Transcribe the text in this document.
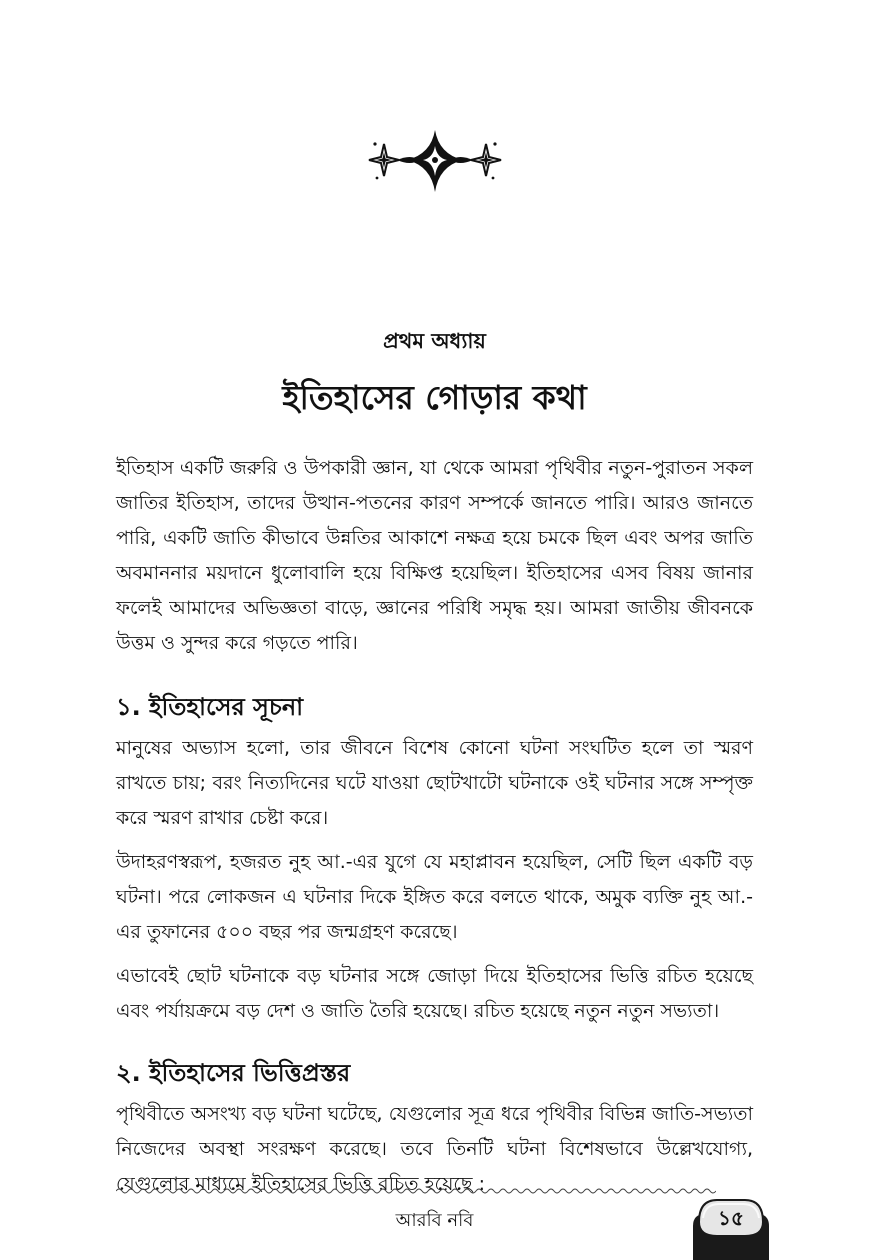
প্রথম অধ্যায়
ইতিহাসের গোড়ার কথা

ইতিহাস একটি জরুরি ও উপকারী জ্ঞান, যা থেকে আমরা পৃথিবীর নতুন-পুরাতন সকল জাতির ইতিহাস, তাদের উত্থান-পতনের কারণ সম্পর্কে জানতে পারি। আরও জানতে পারি, একটি জাতি কীভাবে উন্নতির আকাশে নক্ষত্র হয়ে চমকে ছিল এবং অপর জাতি অবমাননার ময়দানে ধুলোবালি হয়ে বিক্ষিপ্ত হয়েছিল। ইতিহাসের এসব বিষয় জানার ফলেই আমাদের অভিজ্ঞতা বাড়ে, জ্ঞানের পরিধি সমৃদ্ধ হয়। আমরা জাতীয় জীবনকে উত্তম ও সুন্দর করে গড়তে পারি।

১. ইতিহাসের সূচনা

মানুষের অভ্যাস হলো, তার জীবনে বিশেষ কোনো ঘটনা সংঘটিত হলে তা স্মরণ রাখতে চায়; বরং নিত্যদিনের ঘটে যাওয়া ছোটখাটো ঘটনাকে ওই ঘটনার সঙ্গে সম্পৃক্ত করে স্মরণ রাখার চেষ্টা করে।

উদাহরণস্বরূপ, হজরত নুহ আ.-এর যুগে যে মহাপ্লাবন হয়েছিল, সেটি ছিল একটি বড় ঘটনা। পরে লোকজন এ ঘটনার দিকে ইঙ্গিত করে বলতে থাকে, অমুক ব্যক্তি নুহ আ.-এর তুফানের ৫০০ বছর পর জন্মগ্রহণ করেছে।

এভাবেই ছোট ঘটনাকে বড় ঘটনার সঙ্গে জোড়া দিয়ে ইতিহাসের ভিত্তি রচিত হয়েছে এবং পর্যায়ক্রমে বড় দেশ ও জাতি তৈরি হয়েছে। রচিত হয়েছে নতুন নতুন সভ্যতা।

২. ইতিহাসের ভিত্তিপ্রস্তর

পৃথিবীতে অসংখ্য বড় ঘটনা ঘটেছে, যেগুলোর সূত্র ধরে পৃথিবীর বিভিন্ন জাতি-সভ্যতা নিজেদের অবস্থা সংরক্ষণ করেছে। তবে তিনটি ঘটনা বিশেষভাবে উল্লেখযোগ্য, যেগুলোর মাধ্যমে ইতিহাসের ভিত্তি রচিত হয়েছে :

আরবি নবি	১৫
